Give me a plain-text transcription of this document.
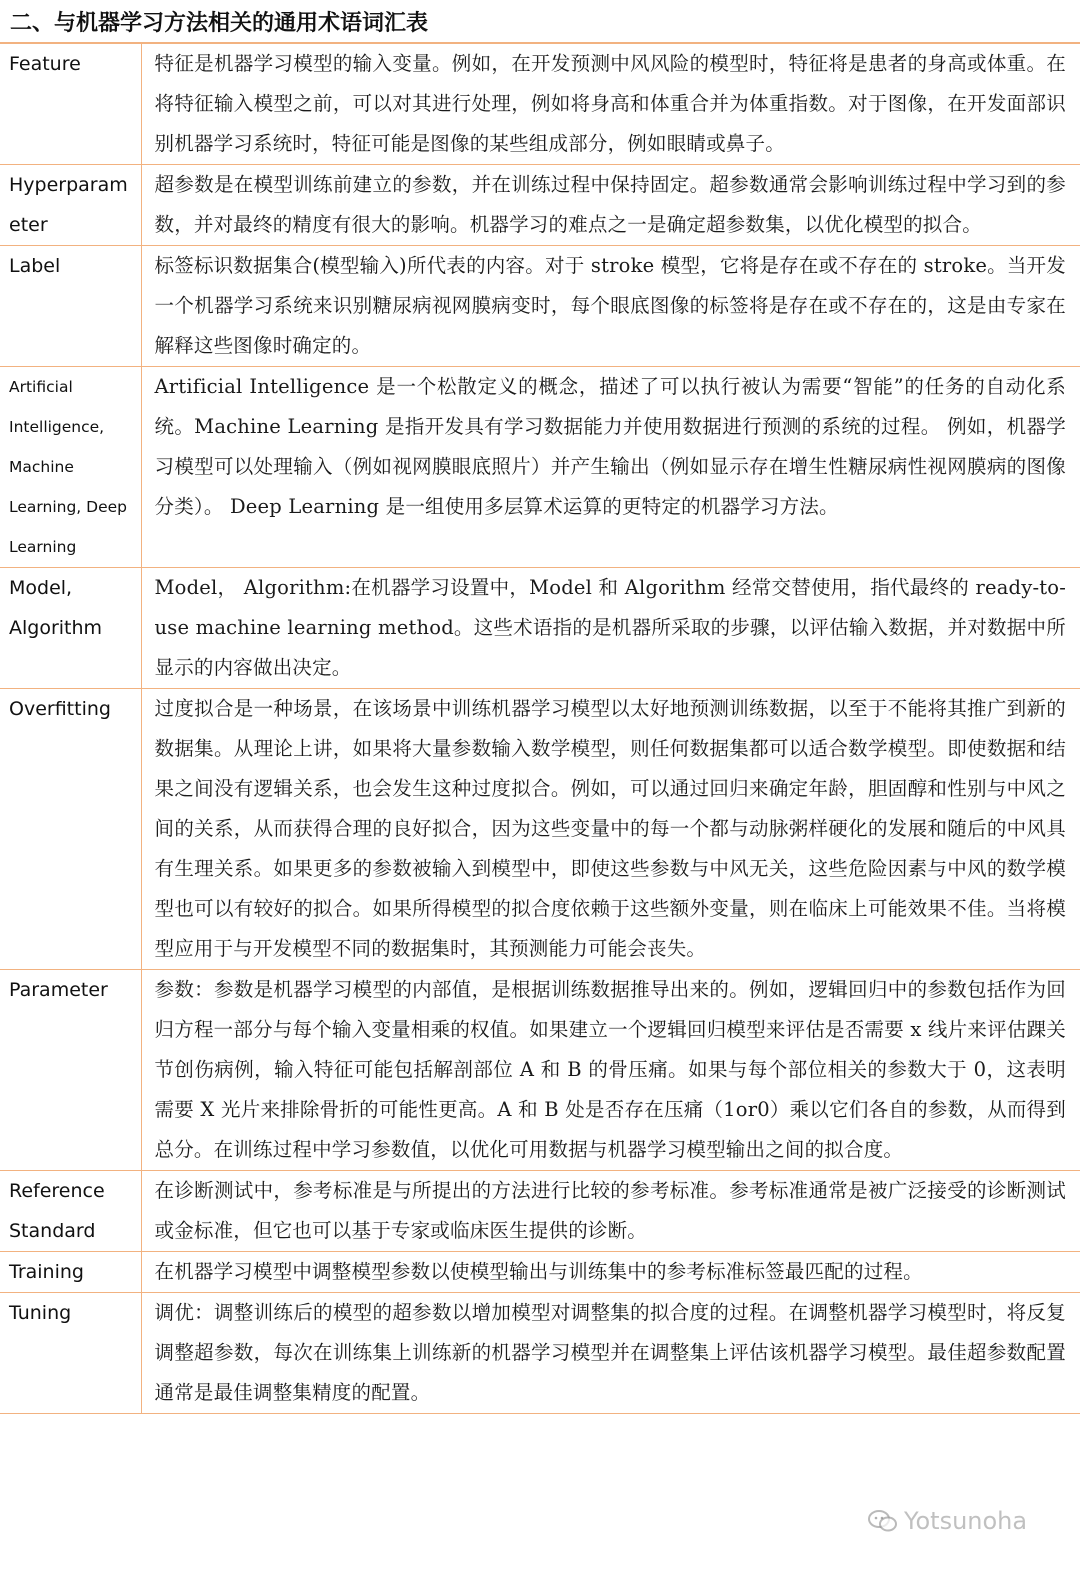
二、与机器学习方法相关的通用术语词汇表
Feature	特征是机器学习模型的输入变量。例如，在开发预测中风风险的模型时，特征将是患者的身高或体重。在将特征输入模型之前，可以对其进行处理，例如将身高和体重合并为体重指数。对于图像，在开发面部识别机器学习系统时，特征可能是图像的某些组成部分，例如眼睛或鼻子。
Hyperparam eter	超参数是在模型训练前建立的参数，并在训练过程中保持固定。超参数通常会影响训练过程中学习到的参数，并对最终的精度有很大的影响。机器学习的难点之一是确定超参数集，以优化模型的拟合。
Label	标签标识数据集合(模型输入)所代表的内容。对于 stroke 模型，它将是存在或不存在的 stroke。当开发一个机器学习系统来识别糖尿病视网膜病变时，每个眼底图像的标签将是存在或不存在的，这是由专家在解释这些图像时确定的。
Artificial Intelligence, Machine Learning, Deep Learning	Artificial Intelligence 是一个松散定义的概念，描述了可以执行被认为需要“智能”的任务的自动化系统。Machine Learning 是指开发具有学习数据能力并使用数据进行预测的系统的过程。 例如，机器学习模型可以处理输入（例如视网膜眼底照片）并产生输出（例如显示存在增生性糖尿病性视网膜病的图像分类）。 Deep Learning 是一组使用多层算术运算的更特定的机器学习方法。
Model, Algorithm	Model， Algorithm:在机器学习设置中，Model 和 Algorithm 经常交替使用，指代最终的 ready-to-use machine learning method。这些术语指的是机器所采取的步骤，以评估输入数据，并对数据中所显示的内容做出决定。
Overfitting	过度拟合是一种场景，在该场景中训练机器学习模型以太好地预测训练数据，以至于不能将其推广到新的数据集。从理论上讲，如果将大量参数输入数学模型，则任何数据集都可以适合数学模型。即使数据和结果之间没有逻辑关系，也会发生这种过度拟合。例如，可以通过回归来确定年龄，胆固醇和性别与中风之间的关系，从而获得合理的良好拟合，因为这些变量中的每一个都与动脉粥样硬化的发展和随后的中风具有生理关系。如果更多的参数被输入到模型中，即使这些参数与中风无关，这些危险因素与中风的数学模型也可以有较好的拟合。如果所得模型的拟合度依赖于这些额外变量，则在临床上可能效果不佳。当将模型应用于与开发模型不同的数据集时，其预测能力可能会丧失。
Parameter	参数：参数是机器学习模型的内部值，是根据训练数据推导出来的。例如，逻辑回归中的参数包括作为回归方程一部分与每个输入变量相乘的权值。如果建立一个逻辑回归模型来评估是否需要 x 线片来评估踝关节创伤病例，输入特征可能包括解剖部位 A 和 B 的骨压痛。如果与每个部位相关的参数大于 0，这表明需要 X 光片来排除骨折的可能性更高。A 和 B 处是否存在压痛（1or0）乘以它们各自的参数，从而得到总分。在训练过程中学习参数值，以优化可用数据与机器学习模型输出之间的拟合度。
Reference Standard	在诊断测试中，参考标准是与所提出的方法进行比较的参考标准。参考标准通常是被广泛接受的诊断测试或金标准，但它也可以基于专家或临床医生提供的诊断。
Training	在机器学习模型中调整模型参数以使模型输出与训练集中的参考标准标签最匹配的过程。
Tuning	调优：调整训练后的模型的超参数以增加模型对调整集的拟合度的过程。在调整机器学习模型时，将反复调整超参数，每次在训练集上训练新的机器学习模型并在调整集上评估该机器学习模型。最佳超参数配置通常是最佳调整集精度的配置。
Yotsunoha
